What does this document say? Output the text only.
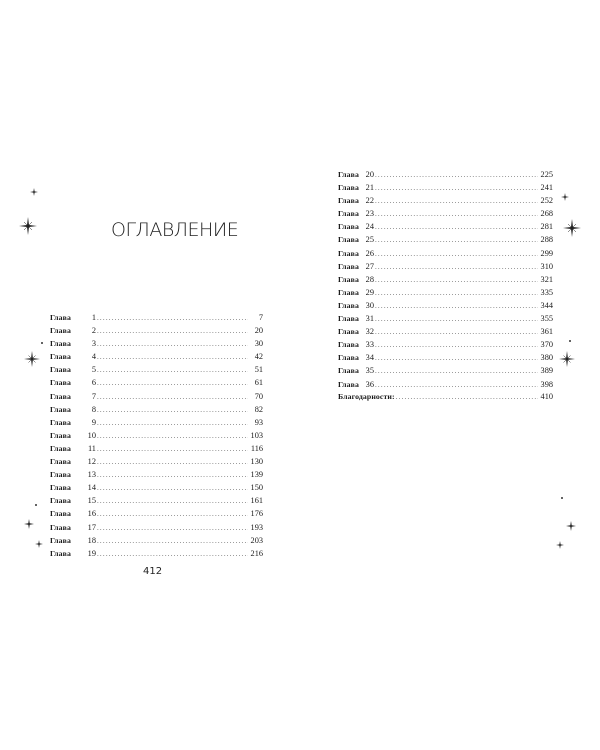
ОГЛАВЛЕНИЕ
Глава	1 .....	7
Глава	2 .....	20
Глава	3 .....	30
Глава	4 .....	42
Глава	5 .....	51
Глава	6 .....	61
Глава	7 .....	70
Глава	8 .....	82
Глава	9 .....	93
Глава	10 .....	103
Глава	11 .....	116
Глава	12 .....	130
Глава	13 .....	139
Глава	14 .....	150
Глава	15 .....	161
Глава	16 .....	176
Глава	17 .....	193
Глава	18 .....	203
Глава	19 .....	216
412
Глава 20 .....	225
Глава 21 .....	241
Глава 22 .....	252
Глава 23 .....	268
Глава 24 .....	281
Глава 25 .....	288
Глава 26 .....	299
Глава 27 .....	310
Глава 28 .....	321
Глава 29 .....	335
Глава 30 .....	344
Глава 31 .....	355
Глава 32 .....	361
Глава 33 .....	370
Глава 34 .....	380
Глава 35 .....	389
Глава 36 .....	398
Благодарности: .....	410
